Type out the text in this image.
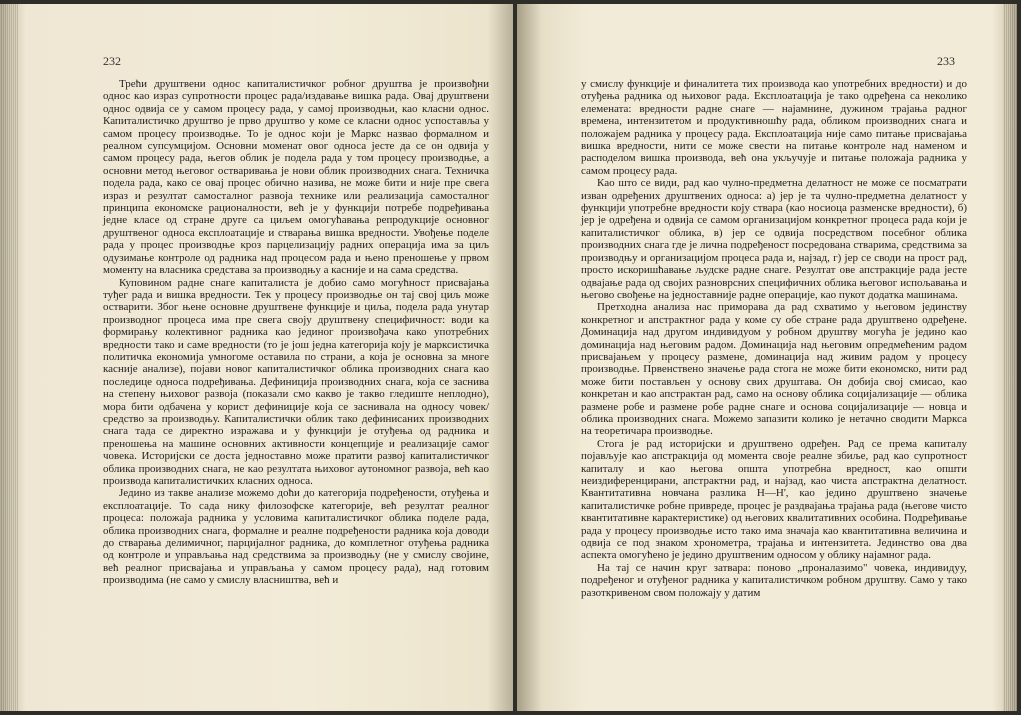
232

Трећи друштвени однос капиталистичког робног друштва је произвођни однос као израз супротности процес рада/издавање вишка рада. Овај друштвени однос одвија се у самом процесу рада, у самој производњи, као класни однос. Капиталистичко друштво је прво друштво у коме се класни однос успоставља у самом процесу производње. То је однос који је Маркс назвао формалном и реалном супсумцијом. Основни моменат овог односа јесте да се он одвија у самом процесу рада, његов облик је подела рада у том процесу производње, а основни метод његовог остваривања је нови облик производних снага. Техничка подела рада, како се овај процес обично назива, не може бити и није пре свега израз и резултат самосталног развоја технике или реализација самосталног принципа економске рационалности, већ је у функцији потребе подређивања једне класе од стране друге са циљем омогућавања репродукције основног друштвеног односа експлоатације и стварања вишка вредности. Увођење поделе рада у процес производње кроз парцелизацију радних операција има за циљ одузимање контроле од радника над процесом рада и њено преношење у првом моменту на власника средстава за производњу а касније и на сама средства.

Куповином радне снаге капиталиста је добио само могућност присвајања туђег рада и вишка вредности. Тек у процесу производње он тај свој циљ може остварити. Због њене основне друштвене функције и циља, подела рада унутар производног процеса има пре свега своју друштвену специфичност: води ка формирању колективног радника као јединог произвођача како употребних вредности тако и саме вредности (то је још једна категорија коју је марксистичка политичка економија умногоме оставила по страни, а која је основна за многе касније анализе), појави новог капиталистичког облика производних снага као последице односа подређивања. Дефиниција производних снага, која се заснива на степену њиховог развоја (показали смо какво је такво гледиште неплодно), мора бити одбачена у корист дефиниције која се заснивала на односу човек/средство за производњу. Капиталистички облик тако дефинисаних производних снага тада се директно изражава и у функцији је отуђења од радника и преношења на машине основних активности концепције и реализације самог човека. Историјски се доста једноставно може пратити развој капиталистичког облика производних снага, не као резултата њиховог аутономног развоја, већ као производа капиталистичких класних односа.

Једино из такве анализе можемо доћи до категорија подређености, отуђења и експлоатације. То сада нику филозофске категорије, већ резултат реалног процеса: положаја радника у условима капиталистичког облика поделе рада, облика производних снага, формалне и реалне подређености радника која доводи до стварања делимичног, парцијалног радника, до комплетног отуђења радника од контроле и управљања над средствима за производњу (не у смислу својине, већ реалног присвајања и управљања у самом процесу рада), над готовим производима (не само у смислу власништва, већ и

233

у смислу функције и финалитета тих производа као употребних вредности) и до отуђења радника од њиховог рада. Експлоатација је тако одређена са неколико елемената: вредности радне снаге — најамнине, дужином трајања радног времена, интензитетом и продуктивношћу рада, обликом производних снага и положајем радника у процесу рада. Експлоатација није само питање присвајања вишка вредности, нити се може свести на питање контроле над наменом и расподелом вишка производа, већ она укључује и питање положаја радника у самом процесу рада.

Као што се види, рад као чулно-предметна делатност не може се посматрати изван одређених друштвених односа: а) јер је та чулно-предметна делатност у функцији употребне вредности коју ствара (као носиоца разменске вредности), б) јер је одређена и одвија се самом организацијом конкретног процеса рада који је капиталистичког облика, в) јер се одвија посредством посебног облика производних снага где је лична подређеност посредована стварима, средствима за производњу и организацијом процеса рада и, најзад, г) јер се своди на прост рад, просто искоришћавање људске радне снаге. Резултат ове апстракције рада јесте одвајање рада од својих разноврсних специфичних облика његовог испољавања и његово свођење на једноставније радне операције, као пукот додатка машинама.

Претходна анализа нас приморава да рад схватимо у његовом јединству конкретног и апстрактног рада у коме су обе стране рада друштвено одређене. Доминација над другом индивидуом у робном друштву могућа је једино као доминација над његовим радом. Доминација над његовим опредмећеним радом присвајањем у процесу размене, доминација над живим радом у процесу производње. Првенствено значење рада стога не може бити економско, нити рад може бити постављен у основу свих друштава. Он добија свој смисао, као конкретан и као апстрактан рад, само на основу облика социјализације — облика размене робе и размене робе радне снаге и основа социјализације — новца и облика производних снага. Можемо запазити колико је нетачно сводити Маркса на теоретичара производње.

Стога је рад историјски и друштвено одређен. Рад се према капиталу појављује као апстракција од момента своје реалне збиље, рад као супротност капиталу и као његова општа употребна вредност, као општи неиздиференцирани, апстрактни рад, и најзад, као чиста апстрактна делатност. Квантитативна новчана разлика Н—Н', као једино друштвено значење капиталистичке робне привреде, процес је раздвајања трајања рада (његове чисто квантитативне карактеристике) од његових квалитативних особина. Подређивање рада у процесу производње исто тако има значаја као квантитативна величина и одвија се под знаком хронометра, трајања и интензитета. Јединство ова два аспекта омогућено је једино друштвеним односом у облику најамног рада.

На тај се начин круг затвара: поново „проналазимо" човека, индивидуу, подређеног и отуђеног радника у капиталистичком робном друштву. Само у тако разоткривеном свом положају у датим
